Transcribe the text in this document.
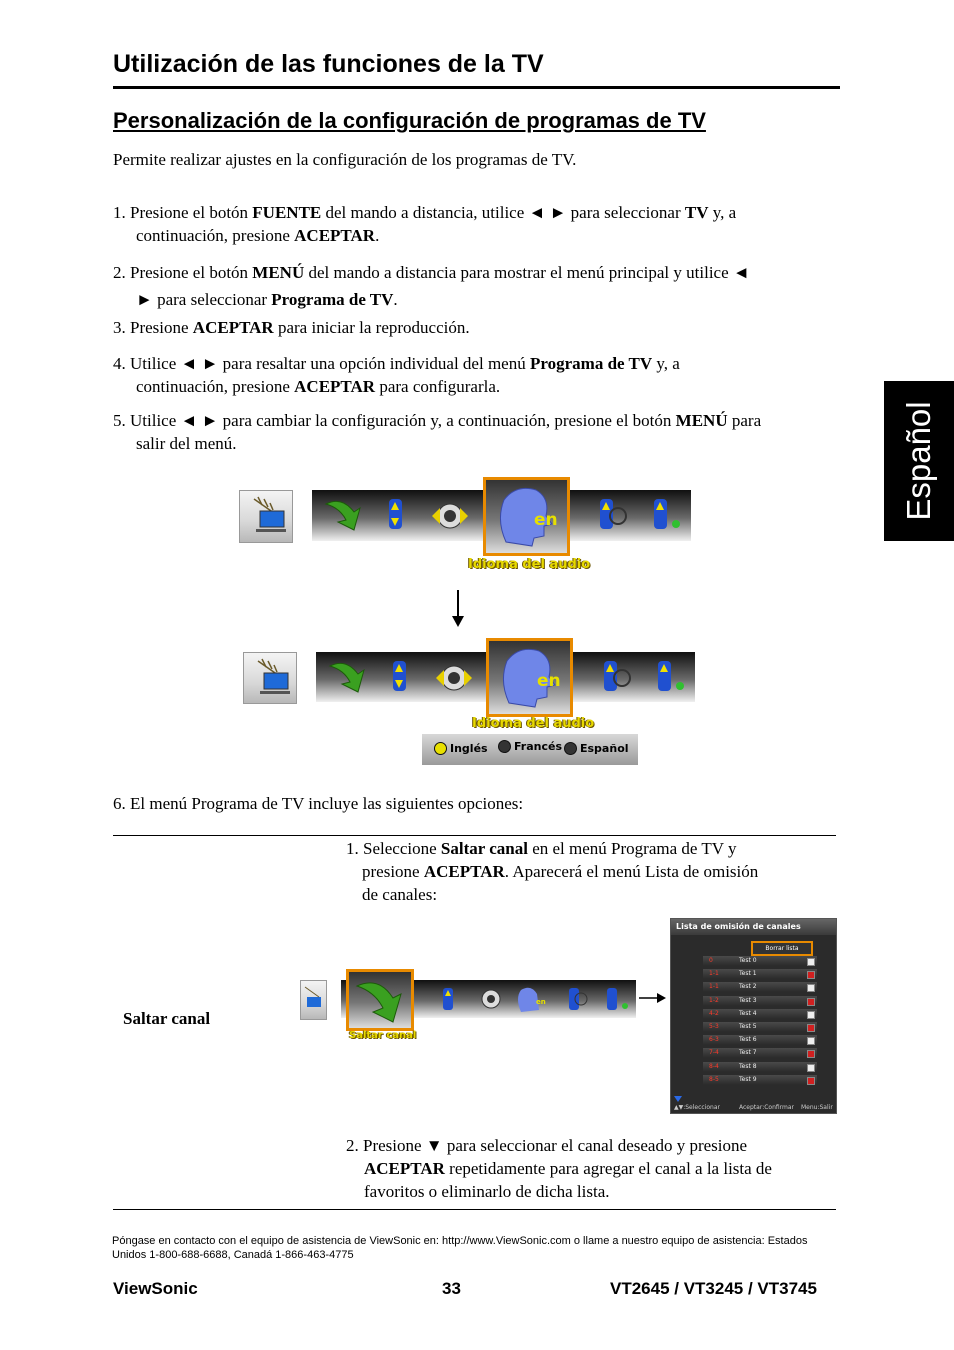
Utilización de las funciones de la TV
Personalización de la configuración de programas de TV
Español
Permite realizar ajustes en la configuración de los programas de TV.
1. Presione el botón FUENTE del mando a distancia, utilice ◄ ► para seleccionar TV y, a
continuación, presione ACEPTAR.
2. Presione el botón MENÚ del mando a distancia para mostrar el menú principal y utilice ◄
► para seleccionar Programa de TV.
3. Presione ACEPTAR para iniciar la reproducción.
4. Utilice ◄ ► para resaltar una opción individual del menú Programa de TV y, a
continuación, presione ACEPTAR para configurarla.
5. Utilice ◄ ► para cambiar la configuración y, a continuación, presione el botón MENÚ para
salir del menú.
en
Idioma del audio
en
Idioma del audio
Inglés Francés Español
6. El menú Programa de TV incluye las siguientes opciones:
1. Seleccione Saltar canal en el menú Programa de TV y
presione ACEPTAR. Aparecerá el menú Lista de omisión
de canales:
Saltar canal
en
Saltar canal
Lista de omisión de canales
Borrar lista
0	Test 0
1-1	Test 1
1-1	Test 2
1-2	Test 3
4-2	Test 4
5-3	Test 5
6-3	Test 6
7-4	Test 7
8-4	Test 8
8-5	Test 9
▲▼:Seleccionar	Aceptar:Confirmar Menu:Salir
2. Presione ▼ para seleccionar el canal deseado y presione
ACEPTAR repetidamente para agregar el canal a la lista de
favoritos o eliminarlo de dicha lista.
Póngase en contacto con el equipo de asistencia de ViewSonic en: http://www.ViewSonic.com o llame a nuestro equipo de asistencia: Estados Unidos 1-800-688-6688, Canadá 1-866-463-4775
ViewSonic	33	VT2645 / VT3245 / VT3745
